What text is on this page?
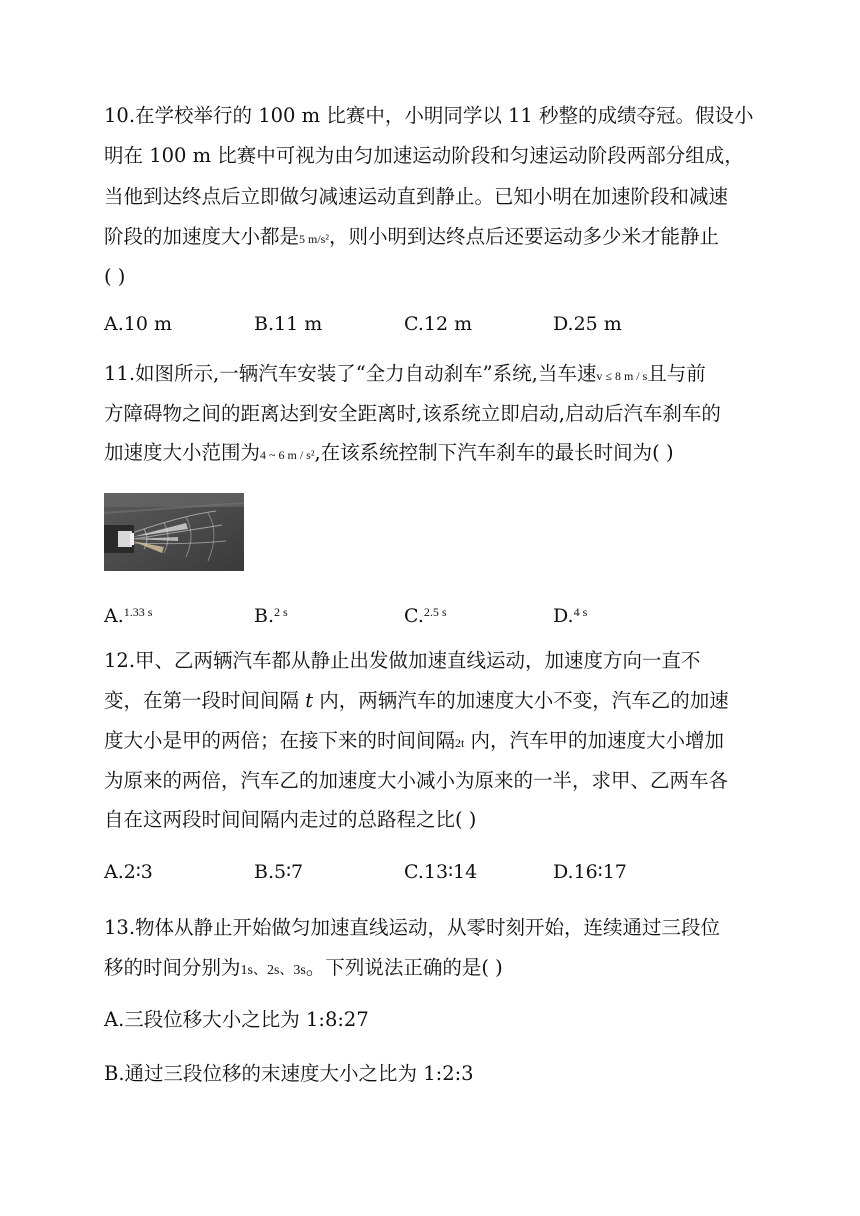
10.在学校举行的 100 m 比赛中，小明同学以 11 秒整的成绩夺冠。假设小
明在 100 m 比赛中可视为由匀加速运动阶段和匀速运动阶段两部分组成，
当他到达终点后立即做匀减速运动直到静止。已知小明在加速阶段和减速
阶段的加速度大小都是5 m/s²，则小明到达终点后还要运动多少米才能静止
( )
A.10 m	B.11 m	C.12 m	D.25 m
11.如图所示,一辆汽车安装了“全力自动刹车”系统,当车速v ≤ 8 m / s且与前
方障碍物之间的距离达到安全距离时,该系统立即启动,启动后汽车刹车的
加速度大小范围为4 ~ 6 m / s²,在该系统控制下汽车刹车的最长时间为( )
A.$^{1.33 s}$	B.$^{2 s}$	C.$^{2.5 s}$	D.$^{4 s}$
12.甲、乙两辆汽车都从静止出发做加速直线运动，加速度方向一直不
变，在第一段时间间隔 t 内，两辆汽车的加速度大小不变，汽车乙的加速
度大小是甲的两倍；在接下来的时间间隔2t 内，汽车甲的加速度大小增加
为原来的两倍，汽车乙的加速度大小减小为原来的一半，求甲、乙两车各
自在这两段时间间隔内走过的总路程之比( )
A.2∶3	B.5∶7	C.13∶14	D.16∶17
13.物体从静止开始做匀加速直线运动，从零时刻开始，连续通过三段位
移的时间分别为1s、2s、3s。下列说法正确的是( )
A.三段位移大小之比为 1:8:27
B.通过三段位移的末速度大小之比为 1:2:3
